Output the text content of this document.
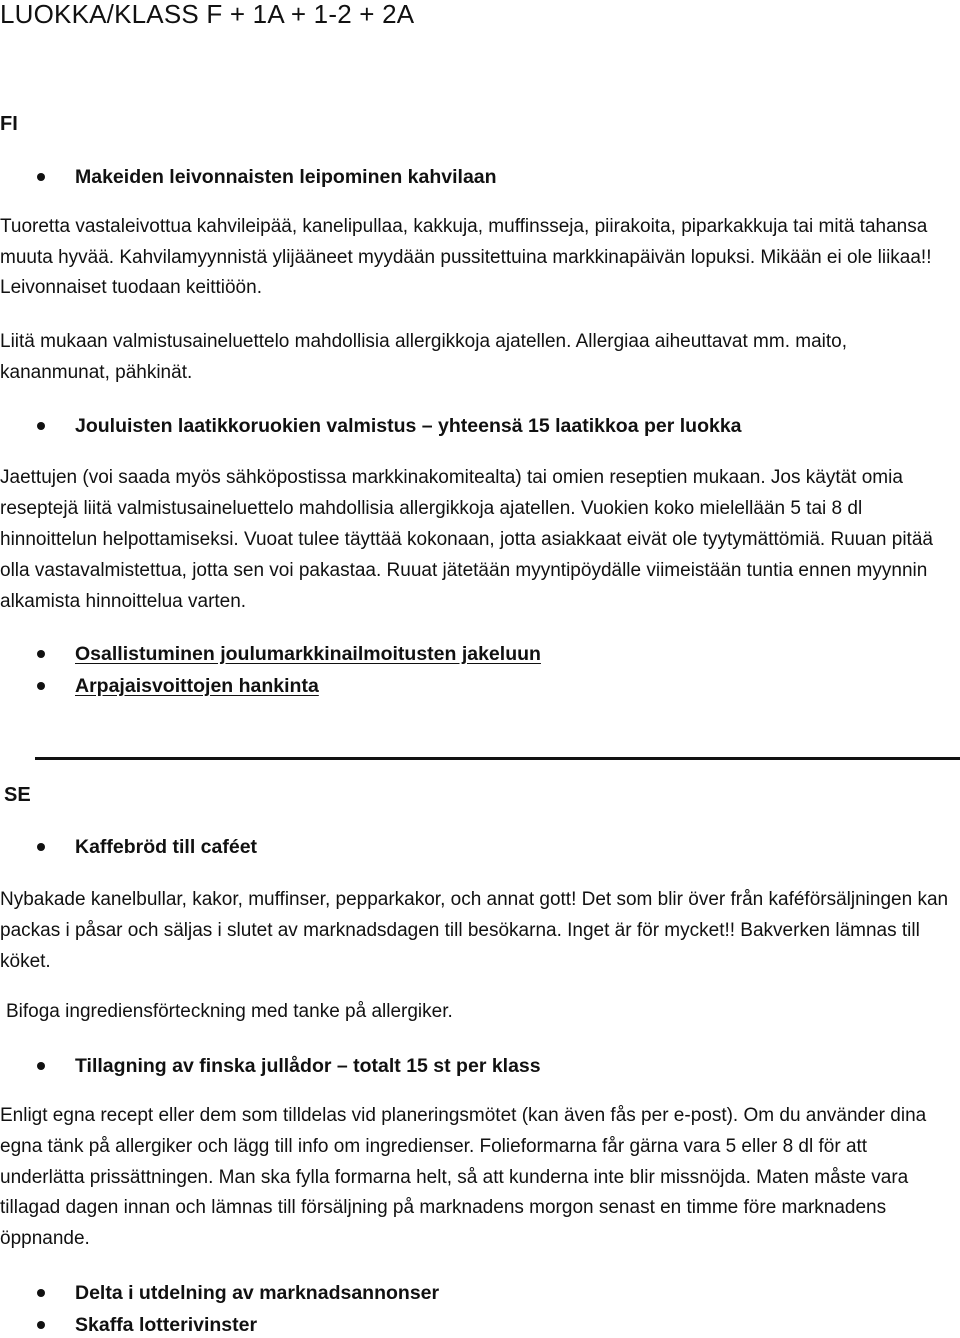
LUOKKA/KLASS F + 1A + 1-2 + 2A
FI
Makeiden leivonnaisten leipominen kahvilaan
Tuoretta vastaleivottua kahvileipää, kanelipullaa, kakkuja, muffinsseja, piirakoita, piparkakkuja tai mitä tahansa
muuta hyvää. Kahvilamyynnistä ylijääneet myydään pussitettuina markkinapäivän lopuksi. Mikään ei ole liikaa!!
Leivonnaiset tuodaan keittiöön.
Liitä mukaan valmistusaineluettelo mahdollisia allergikkoja ajatellen. Allergiaa aiheuttavat mm. maito,
kananmunat, pähkinät.
Jouluisten laatikkoruokien valmistus – yhteensä 15 laatikkoa per luokka
Jaettujen (voi saada myös sähköpostissa markkinakomitealta) tai omien reseptien mukaan. Jos käytät omia
reseptejä liitä valmistusaineluettelo mahdollisia allergikkoja ajatellen. Vuokien koko mielellään 5 tai 8 dl
hinnoittelun helpottamiseksi. Vuoat tulee täyttää kokonaan, jotta asiakkaat eivät ole tyytymättömiä. Ruuan pitää
olla vastavalmistettua, jotta sen voi pakastaa. Ruuat jätetään myyntipöydälle viimeistään tuntia ennen myynnin
alkamista hinnoittelua varten.
Osallistuminen joulumarkkinailmoitusten jakeluun
Arpajaisvoittojen hankinta
SE
Kaffebröd till caféet
Nybakade kanelbullar, kakor, muffinser, pepparkakor, och annat gott! Det som blir över från kaféförsäljningen kan
packas i påsar och säljas i slutet av marknadsdagen till besökarna. Inget är för mycket!! Bakverken lämnas till
köket.
Bifoga ingrediensförteckning med tanke på allergiker.
Tillagning av finska jullådor – totalt 15 st per klass
Enligt egna recept eller dem som tilldelas vid planeringsmötet (kan även fås per e-post). Om du använder dina
egna tänk på allergiker och lägg till info om ingredienser. Folieformarna får gärna vara 5 eller 8 dl för att
underlätta prissättningen. Man ska fylla formarna helt, så att kunderna inte blir missnöjda. Maten måste vara
tillagad dagen innan och lämnas till försäljning på marknadens morgon senast en timme före marknadens
öppnande.
Delta i utdelning av marknadsannonser
Skaffa lotterivinster
